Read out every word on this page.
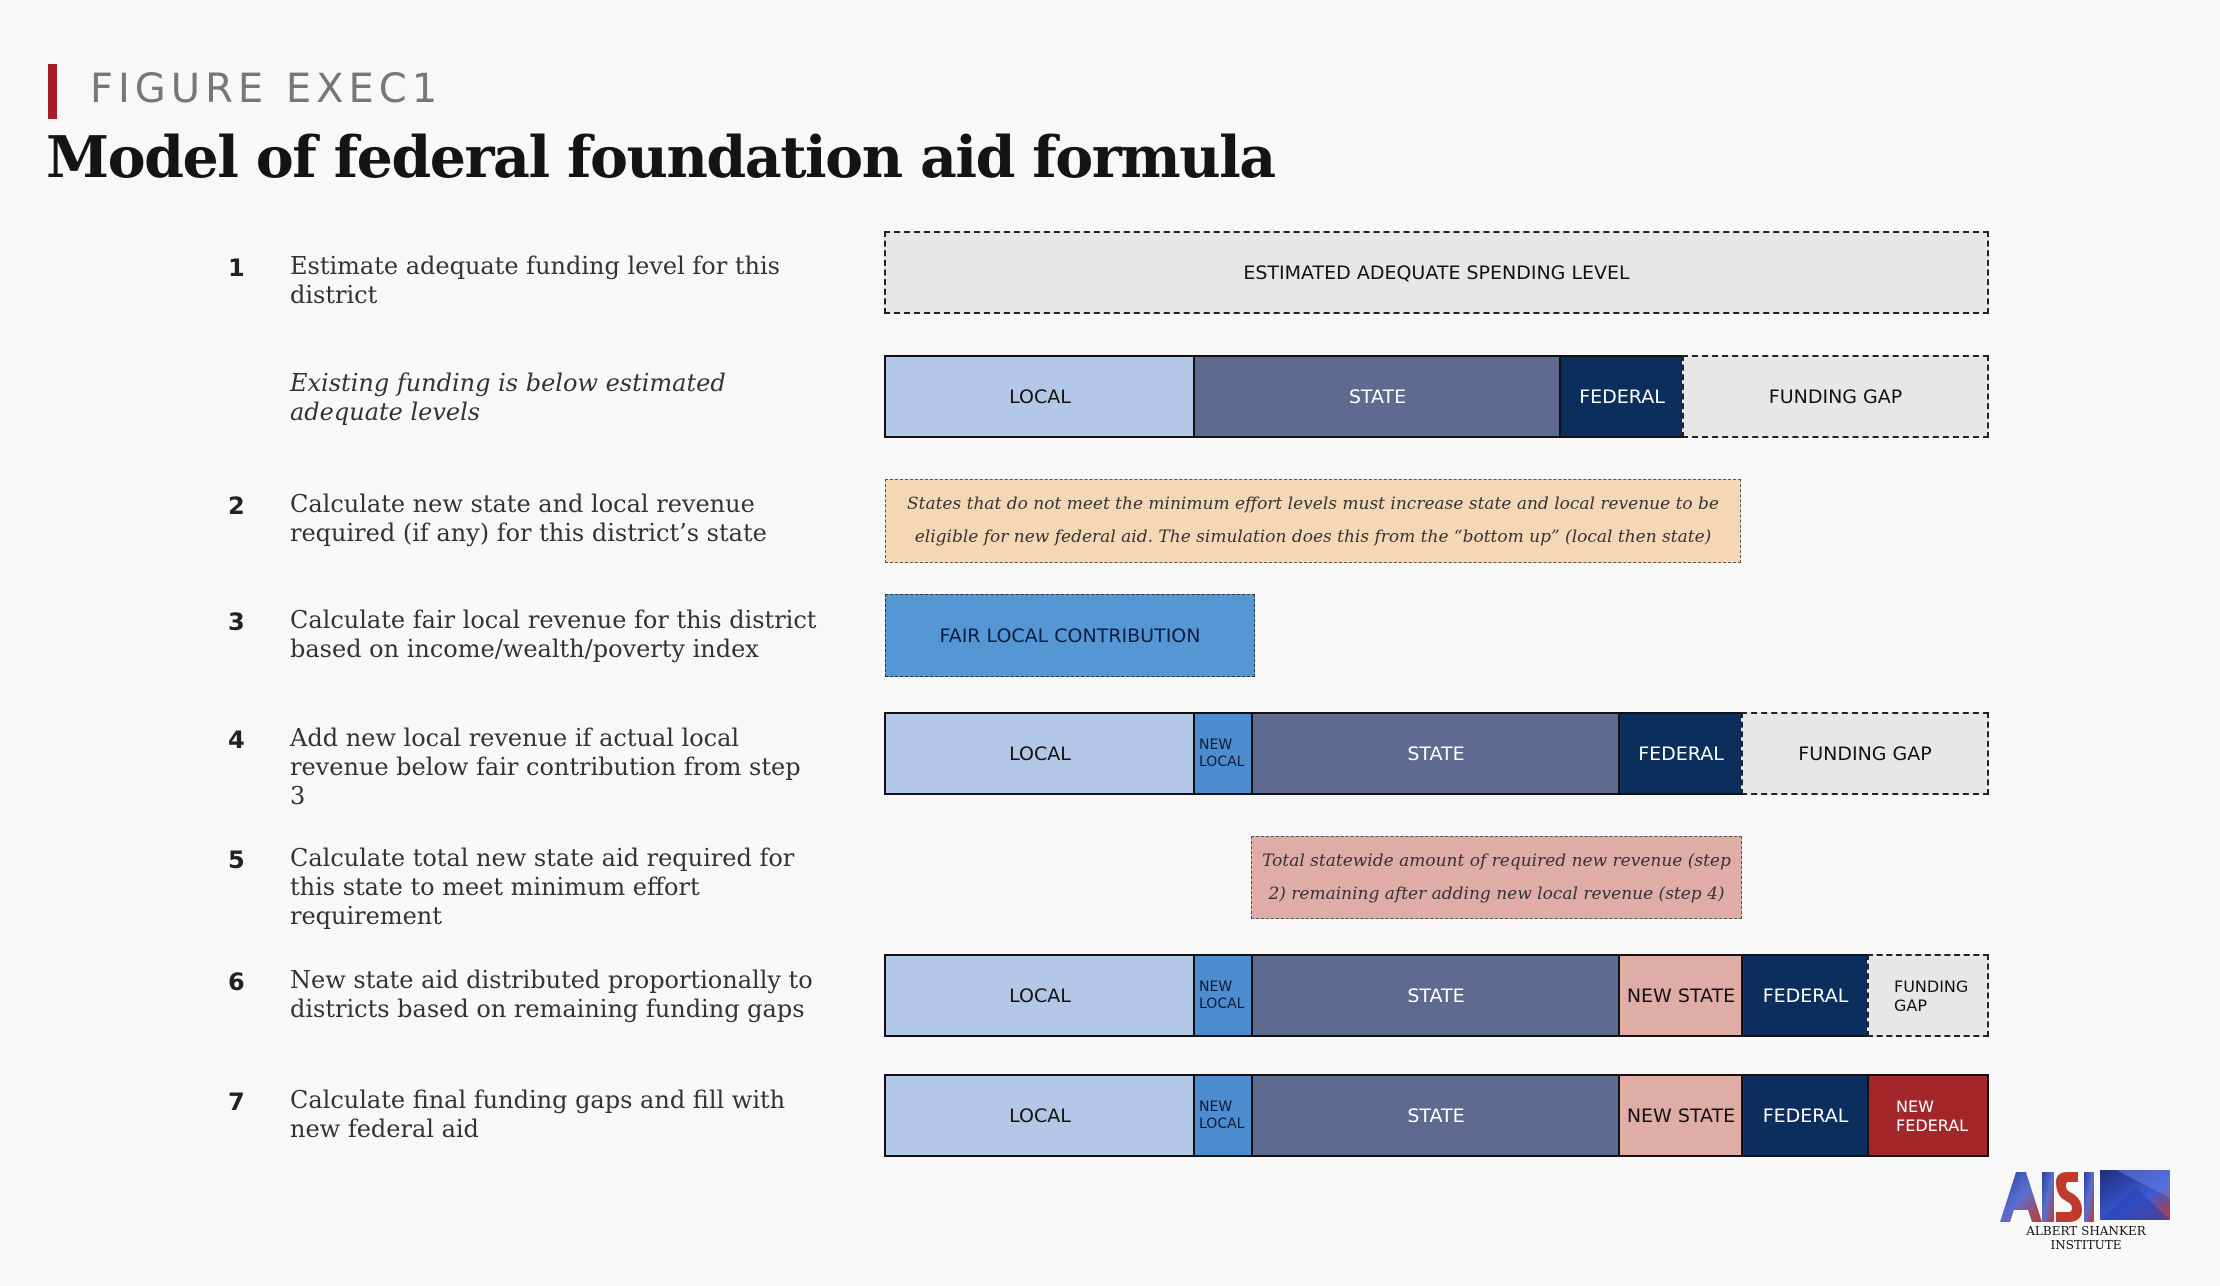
FIGURE EXEC1
Model of federal foundation aid formula
1	Estimate adequate funding level for this district
Existing funding is below estimated adequate levels
2	Calculate new state and local revenue required (if any) for this district’s state
3	Calculate fair local revenue for this district based on income/wealth/poverty index
4	Add new local revenue if actual local revenue below fair contribution from step 3
5	Calculate total new state aid required for this state to meet minimum effort requirement
6	New state aid distributed proportionally to districts based on remaining funding gaps
7	Calculate final funding gaps and fill with new federal aid
ESTIMATED ADEQUATE SPENDING LEVEL
LOCAL	STATE	FEDERAL	FUNDING GAP
States that do not meet the minimum effort levels must increase state and local revenue to be eligible for new federal aid. The simulation does this from the “bottom up” (local then state)
FAIR LOCAL CONTRIBUTION
LOCAL	NEW LOCAL	STATE	FEDERAL	FUNDING GAP
Total statewide amount of required new revenue (step 2) remaining after adding new local revenue (step 4)
LOCAL	NEW LOCAL	STATE	NEW STATE	FEDERAL	FUNDING GAP
LOCAL	NEW LOCAL	STATE	NEW STATE	FEDERAL	NEW FEDERAL
ALBERT SHANKER INSTITUTE
